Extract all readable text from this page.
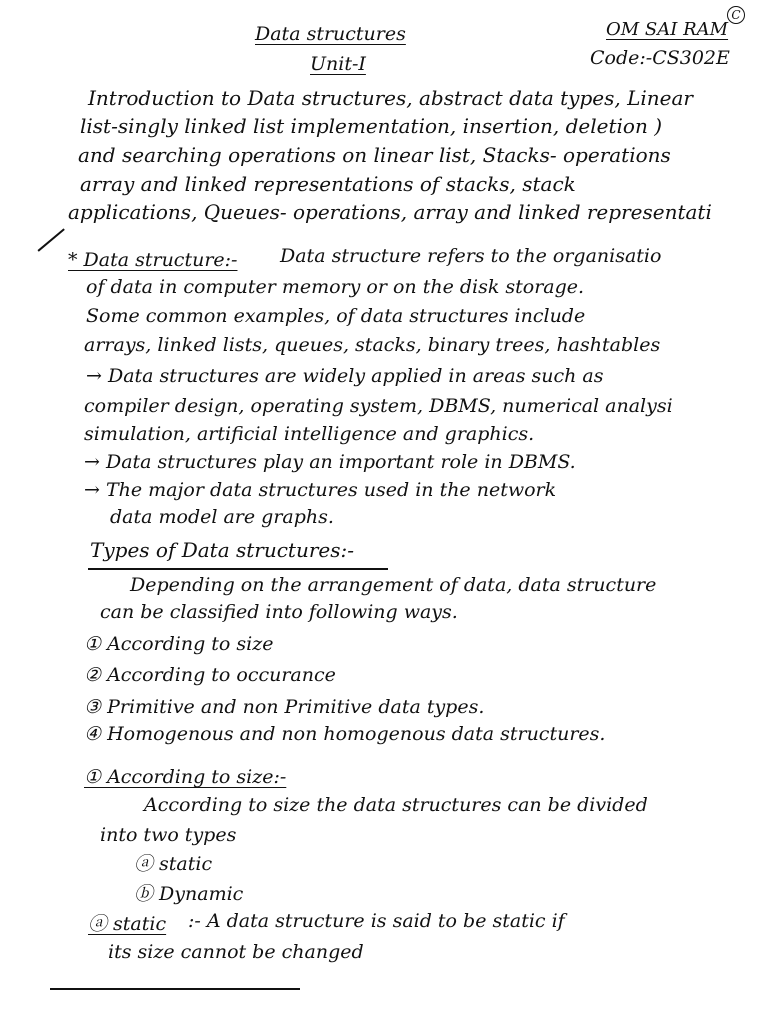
Data structures
Unit-I
OM SAI RAM
C
Code:-CS302E
Introduction to Data structures, abstract data types, Linear
list-singly linked list implementation, insertion, deletion )
and searching operations on linear list, Stacks- operations
array and linked representations of stacks, stack
applications, Queues- operations, array and linked representati
* Data structure:- Data structure refers to the organisatio
of data in computer memory or on the disk storage.
Some common examples, of data structures include
arrays, linked lists, queues, stacks, binary trees, hashtables
→ Data structures are widely applied in areas such as
compiler design, operating system, DBMS, numerical analysi
simulation, artificial intelligence and graphics.
→ Data structures play an important role in DBMS.
→ The major data structures used in the network
data model are graphs.
Types of Data structures:-
Depending on the arrangement of data, data structure
can be classified into following ways.
① According to size
② According to occurance
③ Primitive and non Primitive data types.
④ Homogenous and non homogenous data structures.
① According to size:-
According to size the data structures can be divided
into two types
ⓐ static
ⓑ Dynamic
ⓐ static :- A data structure is said to be static if
its size cannot be changed
